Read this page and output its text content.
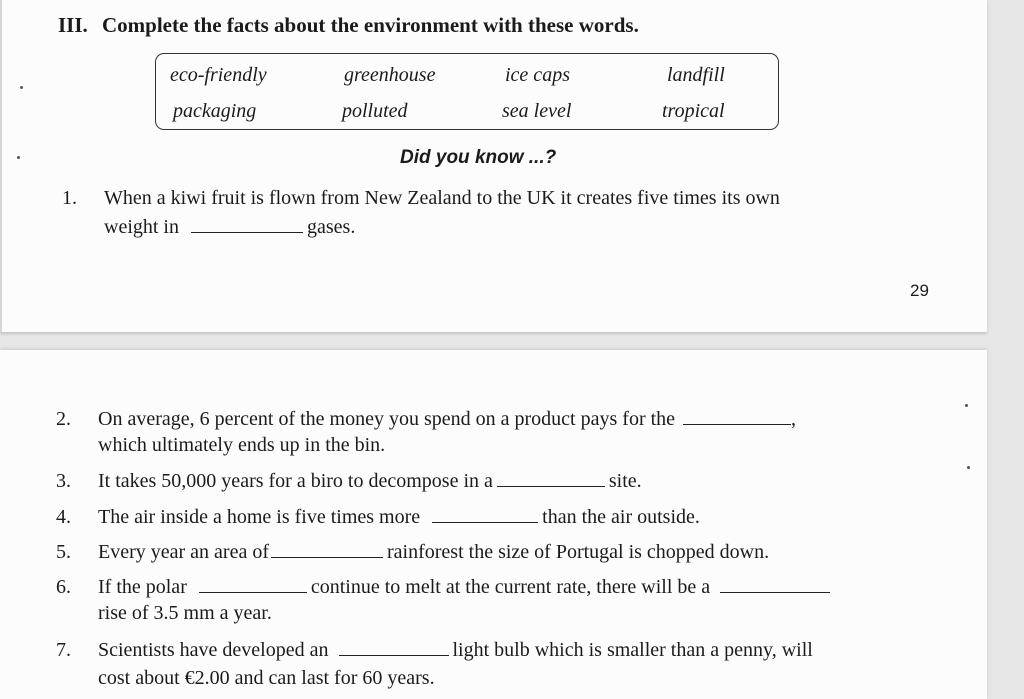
III. Complete the facts about the environment with these words.
eco-friendly	greenhouse	ice caps	landfill
packaging	polluted	sea level	tropical
Did you know ...?
1. When a kiwi fruit is flown from New Zealand to the UK it creates five times its own
weight in	gases.
29
2. On average, 6 percent of the money you spend on a product pays for the	,
which ultimately ends up in the bin.
3. It takes 50,000 years for a biro to decompose in a	site.
4. The air inside a home is five times more	than the air outside.
5. Every year an area of	rainforest the size of Portugal is chopped down.
6. If the polar	continue to melt at the current rate, there will be a
rise of 3.5 mm a year.
7. Scientists have developed an	light bulb which is smaller than a penny, will
cost about €2.00 and can last for 60 years.
